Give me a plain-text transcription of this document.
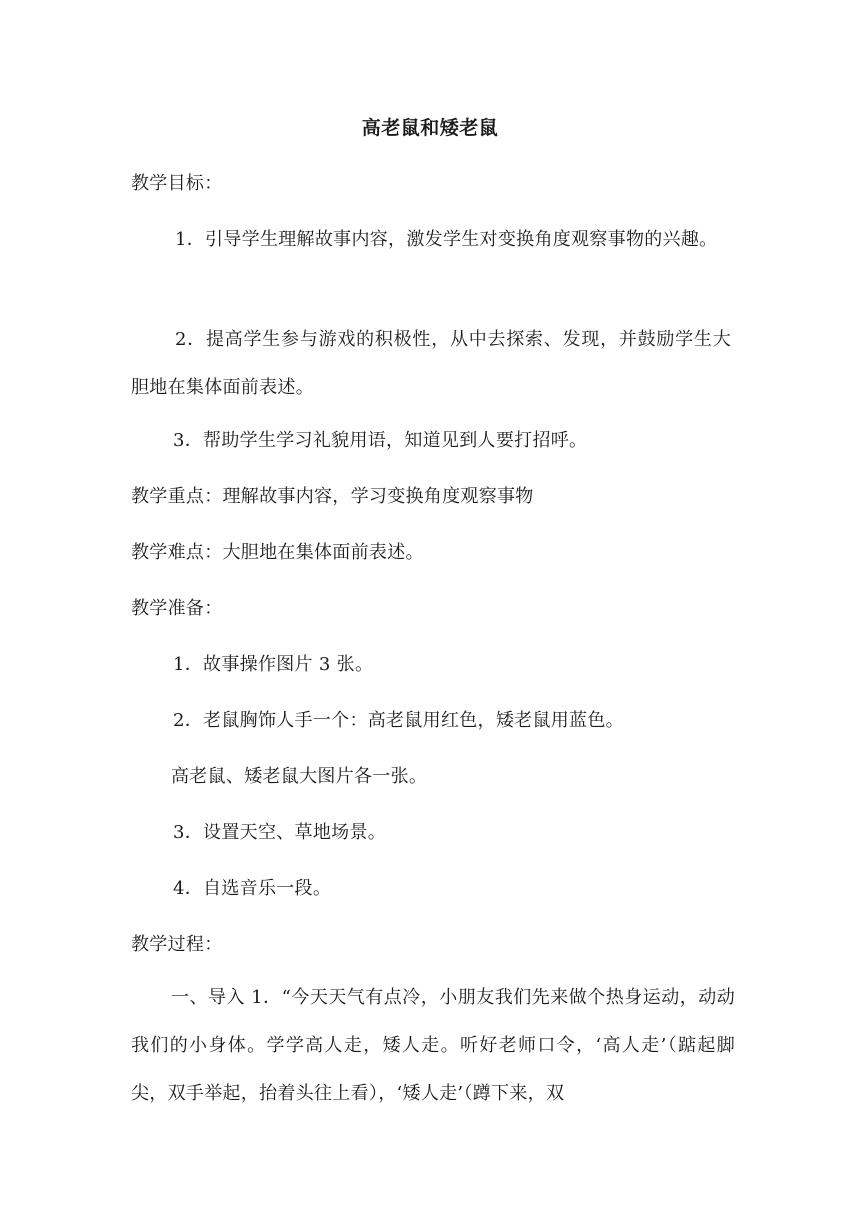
高老鼠和矮老鼠
教学目标：
1．引导学生理解故事内容，激发学生对变换角度观察事物的兴趣。
2．提高学生参与游戏的积极性，从中去探索、发现，并鼓励学生大胆地在集体面前表述。
3．帮助学生学习礼貌用语，知道见到人要打招呼。
教学重点：理解故事内容，学习变换角度观察事物
教学难点：大胆地在集体面前表述。
教学准备：
1．故事操作图片 3 张。
2．老鼠胸饰人手一个：高老鼠用红色，矮老鼠用蓝色。
高老鼠、矮老鼠大图片各一张。
3．设置天空、草地场景。
4．自选音乐一段。
教学过程：
一、导入 1．“今天天气有点冷，小朋友我们先来做个热身运动，动动我们的小身体。学学高人走，矮人走。听好老师口令，‘高人走’（踮起脚尖，双手举起，抬着头往上看），‘矮人走’（蹲下来，双
